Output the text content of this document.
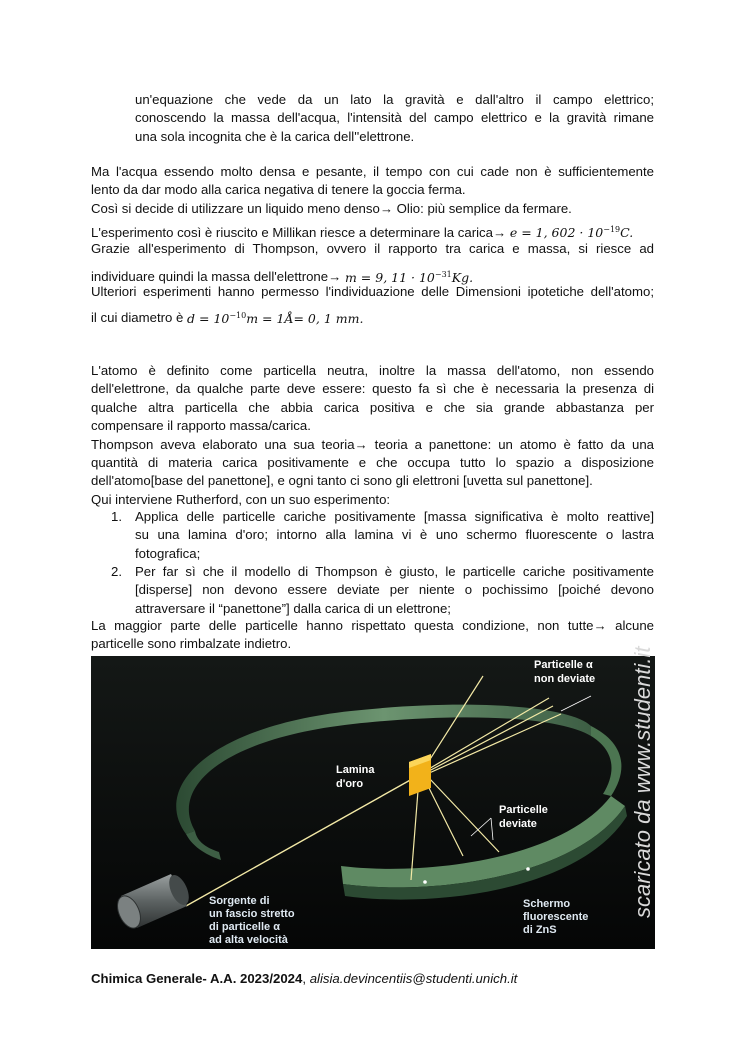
un'equazione che vede da un lato la gravità e dall'altro il campo elettrico;
conoscendo la massa dell'acqua, l'intensità del campo elettrico e la gravità rimane
una sola incognita che è la carica dell''elettrone.
Ma l'acqua essendo molto densa e pesante, il tempo con cui cade non è sufficientemente
lento da dar modo alla carica negativa di tenere la goccia ferma.
Così si decide di utilizzare un liquido meno denso→ Olio: più semplice da fermare.
L'esperimento così è riuscito e Millikan riesce a determinare la carica→ e = 1, $602 \cdot 10^{-19}C$.
Grazie all'esperimento di Thompson, ovvero il rapporto tra carica e massa, si riesce ad
individuare quindi la massa dell'elettrone→ m = 9, $11 \cdot 10^{-31}Kg$.
Ulteriori esperimenti hanno permesso l'individuazione delle Dimensioni ipotetiche dell'atomo;
il cui diametro è $d = 10^{-10}m$ = 1Å= 0, 1 mm.
L'atomo è definito come particella neutra, inoltre la massa dell'atomo, non essendo
dell'elettrone, da qualche parte deve essere: questo fa sì che è necessaria la presenza di
qualche altra particella che abbia carica positiva e che sia grande abbastanza per
compensare il rapporto massa/carica.
Thompson aveva elaborato una sua teoria→ teoria a panettone: un atomo è fatto da una
quantità di materia carica positivamente e che occupa tutto lo spazio a disposizione
dell'atomo[base del panettone], e ogni tanto ci sono gli elettroni [uvetta sul panettone].
Qui interviene Rutherford, con un suo esperimento:
1. Applica delle particelle cariche positivamente [massa significativa è molto reattive]
su una lamina d'oro; intorno alla lamina vi è uno schermo fluorescente o lastra
fotografica;
2. Per far sì che il modello di Thompson è giusto, le particelle cariche positivamente
[disperse] non devono essere deviate per niente o pochissimo [poiché devono
attraversare il “panettone”] dalla carica di un elettrone;
La maggior parte delle particelle hanno rispettato questa condizione, non tutte→ alcune
particelle sono rimbalzate indietro.
Particelle α
non deviate
Lamina
d'oro
Particelle
deviate
Sorgente di
un fascio stretto
di particelle α
ad alta velocità
Schermo
fluorescente
di ZnS
scaricato da www.studenti.it
Chimica Generale- A.A. 2023/2024, alisia.devincentiis@studenti.unich.it
